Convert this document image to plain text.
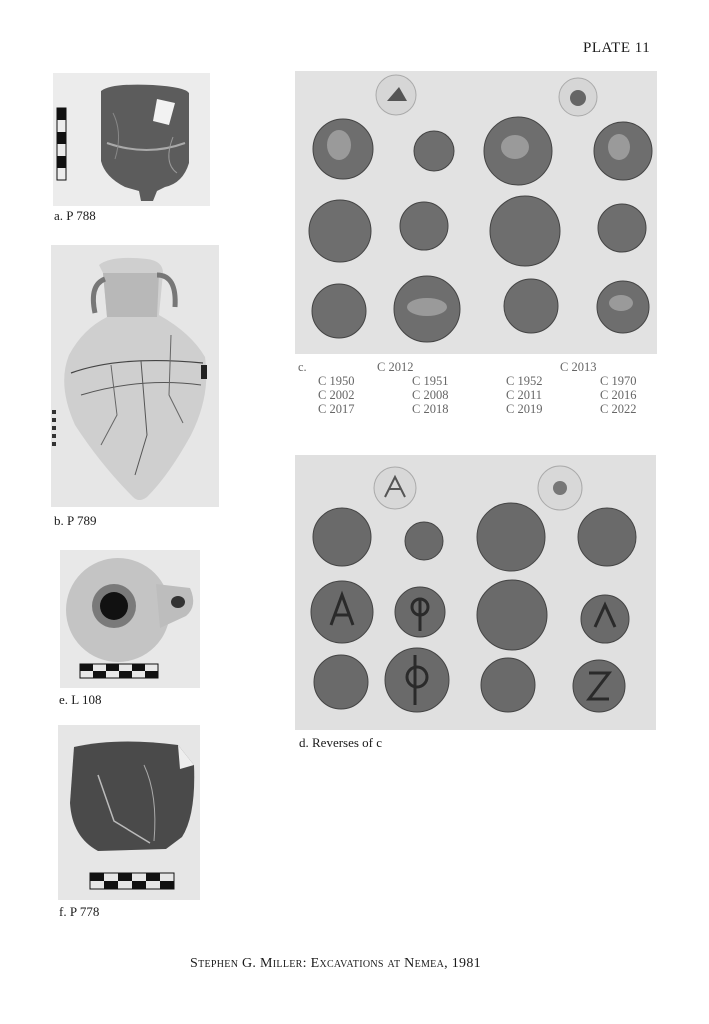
PLATE 11
a. P 788
b. P 789
e. L 108
f. P 778
c.	C 2012	C 2013
C 1950	C 1951	C 1952	C 1970
C 2002	C 2008	C 2011	C 2016
C 2017	C 2018	C 2019	C 2022
d. Reverses of c
Stephen G. Miller: Excavations at Nemea, 1981
